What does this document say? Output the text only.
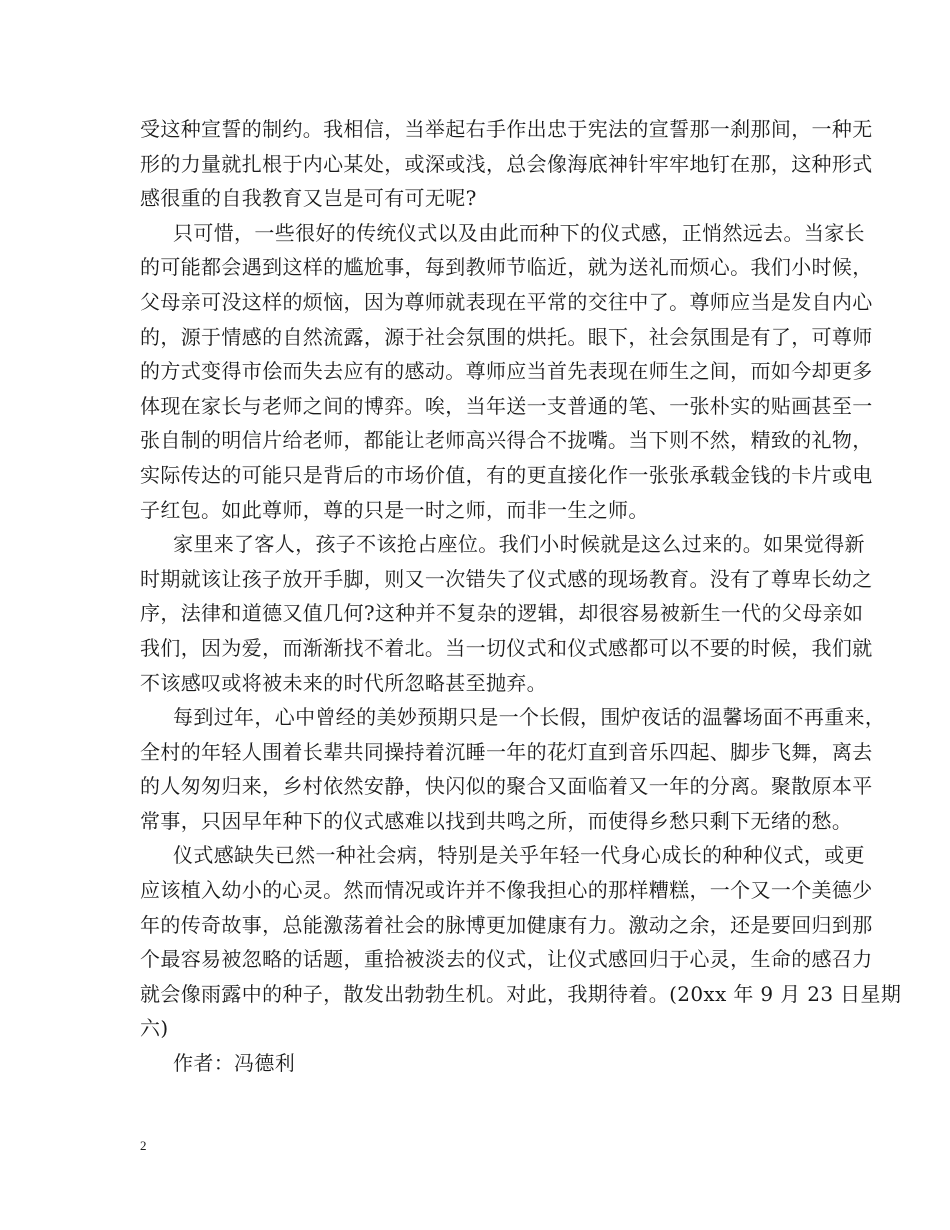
受这种宣誓的制约。我相信，当举起右手作出忠于宪法的宣誓那一刹那间，一种无
形的力量就扎根于内心某处，或深或浅，总会像海底神针牢牢地钉在那，这种形式
感很重的自我教育又岂是可有可无呢?
只可惜，一些很好的传统仪式以及由此而种下的仪式感，正悄然远去。当家长
的可能都会遇到这样的尴尬事，每到教师节临近，就为送礼而烦心。我们小时候，
父母亲可没这样的烦恼，因为尊师就表现在平常的交往中了。尊师应当是发自内心
的，源于情感的自然流露，源于社会氛围的烘托。眼下，社会氛围是有了，可尊师
的方式变得市侩而失去应有的感动。尊师应当首先表现在师生之间，而如今却更多
体现在家长与老师之间的博弈。唉，当年送一支普通的笔、一张朴实的贴画甚至一
张自制的明信片给老师，都能让老师高兴得合不拢嘴。当下则不然，精致的礼物，
实际传达的可能只是背后的市场价值，有的更直接化作一张张承载金钱的卡片或电
子红包。如此尊师，尊的只是一时之师，而非一生之师。
家里来了客人，孩子不该抢占座位。我们小时候就是这么过来的。如果觉得新
时期就该让孩子放开手脚，则又一次错失了仪式感的现场教育。没有了尊卑长幼之
序，法律和道德又值几何?这种并不复杂的逻辑，却很容易被新生一代的父母亲如
我们，因为爱，而渐渐找不着北。当一切仪式和仪式感都可以不要的时候，我们就
不该感叹或将被未来的时代所忽略甚至抛弃。
每到过年，心中曾经的美妙预期只是一个长假，围炉夜话的温馨场面不再重来，
全村的年轻人围着长辈共同操持着沉睡一年的花灯直到音乐四起、脚步飞舞，离去
的人匆匆归来，乡村依然安静，快闪似的聚合又面临着又一年的分离。聚散原本平
常事，只因早年种下的仪式感难以找到共鸣之所，而使得乡愁只剩下无绪的愁。
仪式感缺失已然一种社会病，特别是关乎年轻一代身心成长的种种仪式，或更
应该植入幼小的心灵。然而情况或许并不像我担心的那样糟糕，一个又一个美德少
年的传奇故事，总能激荡着社会的脉博更加健康有力。激动之余，还是要回归到那
个最容易被忽略的话题，重拾被淡去的仪式，让仪式感回归于心灵，生命的感召力
就会像雨露中的种子，散发出勃勃生机。对此，我期待着。(20xx 年 9 月 23 日星期
六)
作者：冯德利
2
